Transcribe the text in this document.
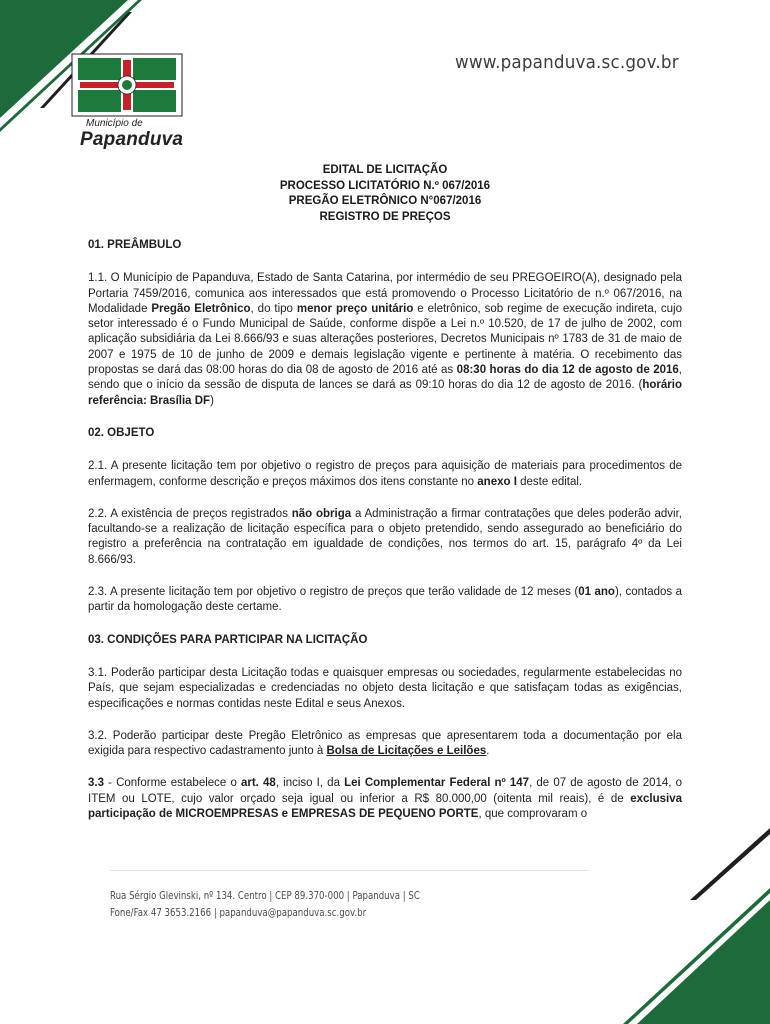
Município de
Papanduva
www.papanduva.sc.gov.br
EDITAL DE LICITAÇÃO
PROCESSO LICITATÓRIO N.º 067/2016
PREGÃO ELETRÔNICO N°067/2016
REGISTRO DE PREÇOS

01. PREÂMBULO

1.1. O Município de Papanduva, Estado de Santa Catarina, por intermédio de seu PREGOEIRO(A), designado pela Portaria 7459/2016, comunica aos interessados que está promovendo o Processo Licitatório de n.º 067/2016, na Modalidade Pregão Eletrônico, do tipo menor preço unitário e eletrônico, sob regime de execução indireta, cujo setor interessado é o Fundo Municipal de Saúde, conforme dispõe a Lei n.º 10.520, de 17 de julho de 2002, com aplicação subsidiária da Lei 8.666/93 e suas alterações posteriores, Decretos Municipais nº 1783 de 31 de maio de 2007 e 1975 de 10 de junho de 2009 e demais legislação vigente e pertinente à matéria. O recebimento das propostas se dará das 08:00 horas do dia 08 de agosto de 2016 até as 08:30 horas do dia 12 de agosto de 2016, sendo que o início da sessão de disputa de lances se dará as 09:10 horas do dia 12 de agosto de 2016. (horário referência: Brasília DF)

02. OBJETO

2.1. A presente licitação tem por objetivo o registro de preços para aquisição de materiais para procedimentos de enfermagem, conforme descrição e preços máximos dos itens constante no anexo I deste edital.

2.2. A existência de preços registrados não obriga a Administração a firmar contratações que deles poderão advir, facultando-se a realização de licitação específica para o objeto pretendido, sendo assegurado ao beneficiário do registro a preferência na contratação em igualdade de condições, nos termos do art. 15, parágrafo 4º da Lei 8.666/93.

2.3. A presente licitação tem por objetivo o registro de preços que terão validade de 12 meses (01 ano), contados a partir da homologação deste certame.

03. CONDIÇÕES PARA PARTICIPAR NA LICITAÇÃO

3.1. Poderão participar desta Licitação todas e quaisquer empresas ou sociedades, regularmente estabelecidas no País, que sejam especializadas e credenciadas no objeto desta licitação e que satisfaçam todas as exigências, especificações e normas contidas neste Edital e seus Anexos.

3.2. Poderão participar deste Pregão Eletrônico as empresas que apresentarem toda a documentação por ela exigida para respectivo cadastramento junto à Bolsa de Licitações e Leilões.

3.3 - Conforme estabelece o art. 48, inciso I, da Lei Complementar Federal nº 147, de 07 de agosto de 2014, o ITEM ou LOTE, cujo valor orçado seja igual ou inferior a R$ 80.000,00 (oitenta mil reais), é de exclusiva participação de MICROEMPRESAS e EMPRESAS DE PEQUENO PORTE, que comprovaram o

Rua Sérgio Glevinski, nº 134. Centro | CEP 89.370-000 | Papanduva | SC
Fone/Fax 47 3653.2166 | papanduva@papanduva.sc.gov.br
